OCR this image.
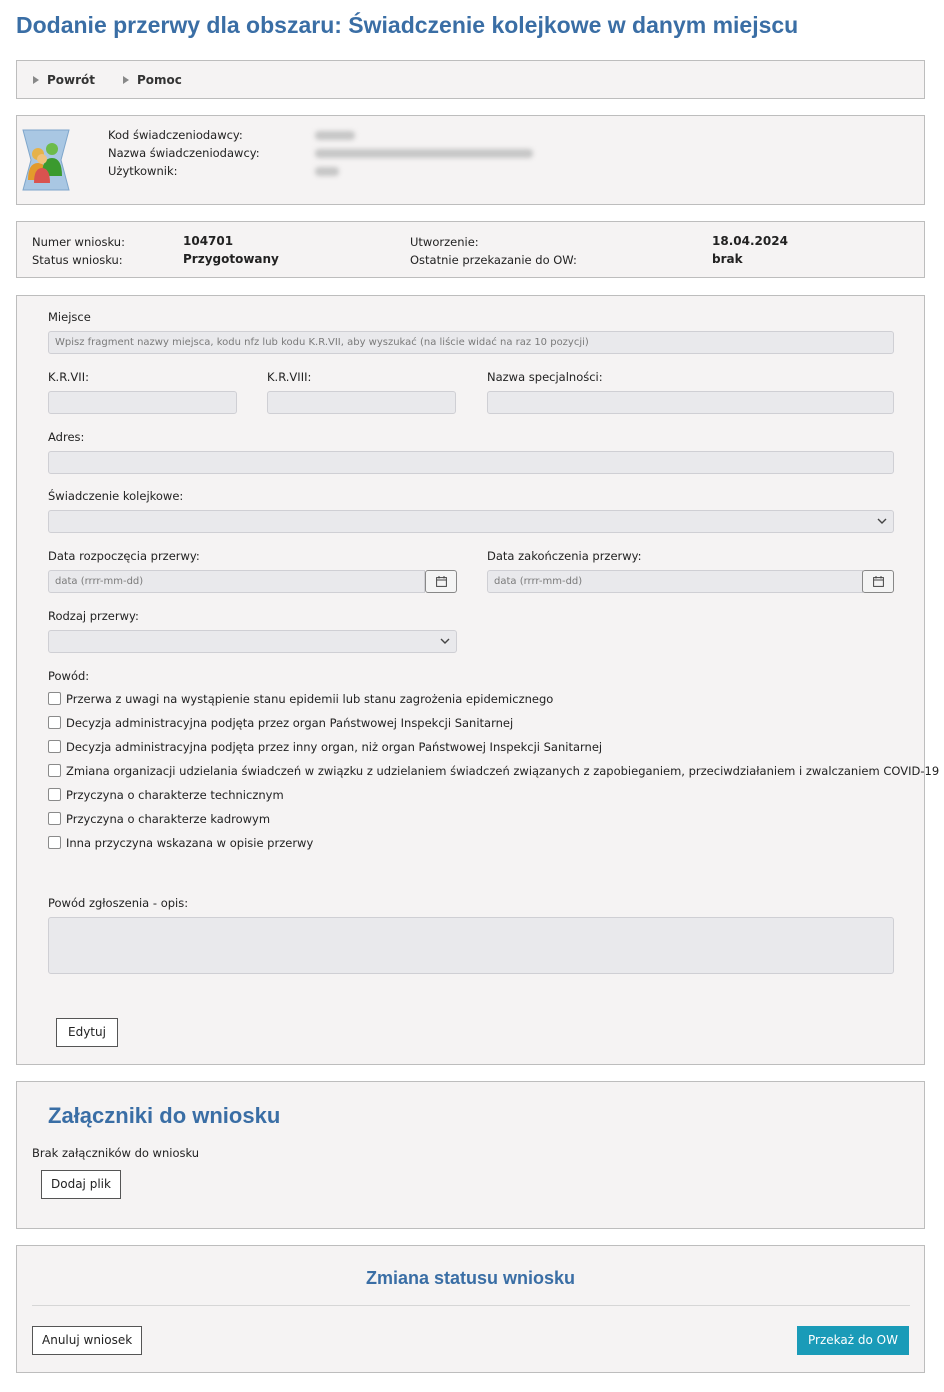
Dodanie przerwy dla obszaru: Świadczenie kolejkowe w danym miejscu
Powrót	Pomoc
Kod świadczeniodawcy:
Nazwa świadczeniodawcy:
Użytkownik:
Numer wniosku:	104701
Status wniosku:	Przygotowany
Utworzenie:	18.04.2024
Ostatnie przekazanie do OW:	brak
Miejsce
Wpisz fragment nazwy miejsca, kodu nfz lub kodu K.R.VII, aby wyszukać (na liście widać na raz 10 pozycji)
K.R.VII:	K.R.VIII:	Nazwa specjalności:
Adres:
Świadczenie kolejkowe:
Data rozpoczęcia przerwy:
data (rrrr-mm-dd)	Data zakończenia przerwy:
data (rrrr-mm-dd)
Rodzaj przerwy:
Powód:
Przerwa z uwagi na wystąpienie stanu epidemii lub stanu zagrożenia epidemicznego
Decyzja administracyjna podjęta przez organ Państwowej Inspekcji Sanitarnej
Decyzja administracyjna podjęta przez inny organ, niż organ Państwowej Inspekcji Sanitarnej
Zmiana organizacji udzielania świadczeń w związku z udzielaniem świadczeń związanych z zapobieganiem, przeciwdziałaniem i zwalczaniem COVID-19
Przyczyna o charakterze technicznym
Przyczyna o charakterze kadrowym
Inna przyczyna wskazana w opisie przerwy
Powód zgłoszenia - opis:
Edytuj
Załączniki do wniosku
Brak załączników do wniosku
Dodaj plik
Zmiana statusu wniosku
Anuluj wniosek	Przekaż do OW
